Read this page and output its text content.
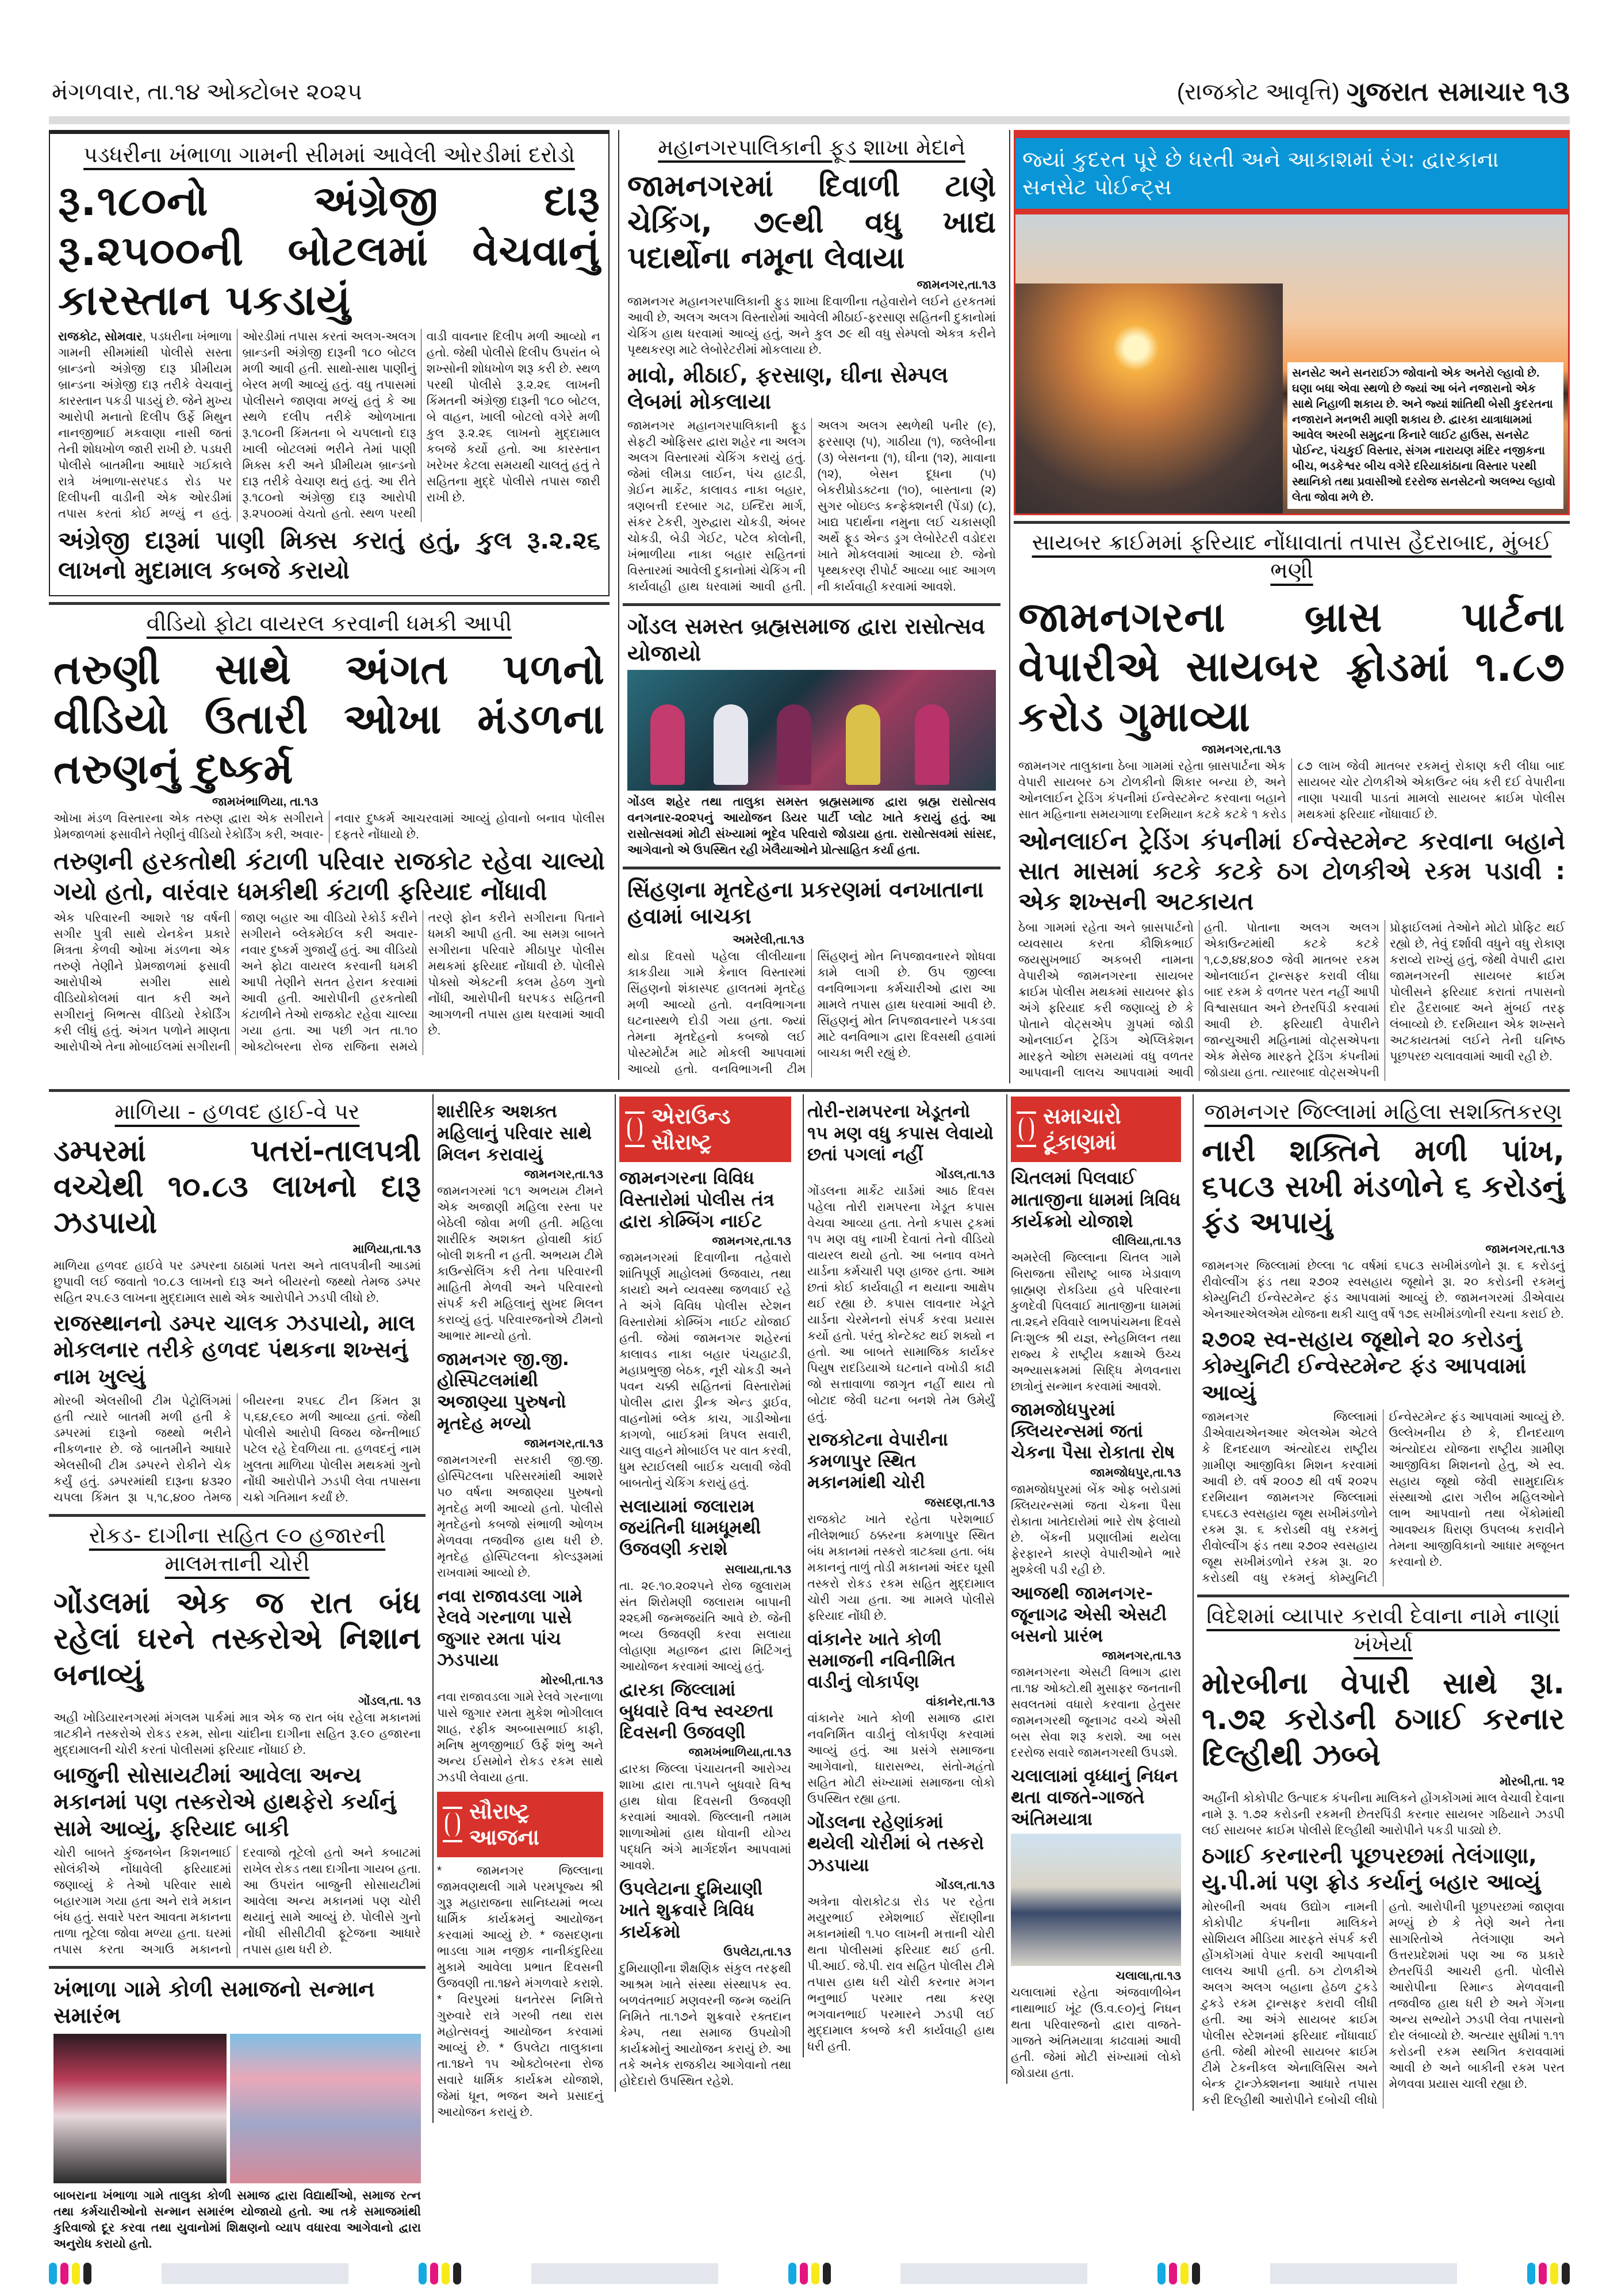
મંગળવાર, તા.૧૪ ઓક્ટોબર ૨૦૨૫	(રાજકોટ આવૃત્તિ) ગુજરાત સમાચાર ૧૩
પડધરીના ખંભાળા ગામની સીમમાં આવેલી ઓરડીમાં દરોડો
રૂ.૧૮૦નો અંગ્રેજી દારૂ રૂ.૨૫૦૦ની બોટલમાં વેચવાનું કારસ્તાન પકડાયું
રાજકોટ, સોમવાર, પડધરીના ખંભાળા ગામની સીમમાંથી પોલીસે સસ્તા બ્રાન્ડનો અંગ્રેજી દારૂ પ્રીમીયમ બ્રાન્ડના અંગ્રેજી દારૂ તરીકે વેચવાનું કારસ્તાન પકડી પાડયું છે. જેને મુખ્ય આરોપી મનાતો દિલીપ ઉર્ફે મિથુન નાનજીભાઈ મકવાણા નાસી જતાં તેની શોધખોળ જારી રાખી છે. પડધરી પોલીસે બાતમીના આધારે ગઈકાલે રાત્રે ખંભાળા-સરપદડ રોડ પર દિલીપની વાડીની એક ઓરડીમાં તપાસ કરતાં કોઈ મળ્યું ન હતું. ઓરડીમાં તપાસ કરતાં અલગ-અલગ બ્રાન્ડની અંગ્રેજી દારૂની ૧૮૦ બોટલ મળી આવી હતી. સાથો-સાથ પાણીનું બેરલ મળી આવ્યું હતું. વધુ તપાસમાં પોલીસને જાણવા મળ્યું હતું કે આ સ્થળે દલીપ તરીકે ઓળખાતા રૂ.૧૮૦ની કિંમતના બે ચપલાનો દારૂ ખાલી બોટલમાં ભરીને તેમાં પાણી મિક્સ કરી અને પ્રીમીયમ બ્રાન્ડનો દારૂ તરીકે વેચાણ થતું હતું. આ રીતે રૂ.૧૮૦નો અંગ્રેજી દારૂ આરોપી રૂ.૨૫૦૦માં વેચતો હતો. સ્થળ પરથી વાડી વાવનાર દિલીપ મળી આવ્યો ન હતો. જેથી પોલીસે દિલીપ ઉપરાંત બે શખ્સોની શોધખોળ શરૂ કરી છે. સ્થળ પરથી પોલીસે રૂ.૨.૨૬ લાખની કિંમતની અંગ્રેજી દારૂની ૧૮૦ બોટલ, બે વાહન, ખાલી બોટલો વગેરે મળી કુલ રૂ.૨.૨૬ લાખનો મુદ્દામાલ કબજે કર્યો હતો. આ કારસ્તાન ખરેખર કેટલા સમયથી ચાલતું હતું તે સહિતના મુદ્દે પોલીસે તપાસ જારી રાખી છે.
અંગ્રેજી દારૂમાં પાણી મિક્સ કરાતું હતું, કુલ રૂ.૨.૨૬ લાખનો મુદામાલ કબજે કરાયો
વીડિયો ફોટા વાયરલ કરવાની ધમકી આપી
તરુણી સાથે અંગત પળનો વીડિયો ઉતારી ઓખા મંડળના તરુણનું દુષ્કર્મ
જામખંભાળિયા, તા.૧૩
ઓખા મંડળ વિસ્તારના એક તરુણ દ્વારા એક સગીરાને પ્રેમજાળમાં ફસાવીને તેણીનું વીડિયો રેકોર્ડિંગ કરી, અવાર-નવાર દુષ્કર્મ આચરવામાં આવ્યું હોવાનો બનાવ પોલીસ દફતરે નોંધાયો છે.
તરુણની હરકતોથી કંટાળી પરિવાર રાજકોટ રહેવા ચાલ્યો ગયો હતો, વારંવાર ધમકીથી કંટાળી ફરિયાદ નોંધાવી
એક પરિવારની આશરે ૧૪ વર્ષની સગીર પુત્રી સાથે યેનકેન પ્રકારે મિત્રતા કેળવી ઓખા મંડળના એક તરુણે તેણીને પ્રેમજાળમાં ફસાવી આરોપીએ સગીરા સાથે વીડિયોકોલમાં વાત કરી અને સગીરાનું બિભત્સ વીડિયો રેકોર્ડિંગ કરી લીધું હતું. અંગત પળોને માણતા આરોપીએ તેના મોબાઈલમાં સગીરાની જાણ બહાર આ વીડિયો રેકોર્ડ કરીને સગીરાને બ્લેકમેઈલ કરી અવાર-નવાર દુષ્કર્મ ગુજાર્યું હતું. આ વીડિયો અને ફોટા વાયરલ કરવાની ધમકી આપી તેણીને સતત હેરાન કરવામાં આવી હતી. આરોપીની હરકતોથી કંટાળીને તેઓ રાજકોટ રહેવા ચાલ્યા ગયા હતા. આ પછી ગત તા.૧૦ ઓક્ટોબરના રોજ રાજિના સમયે તરણે ફોન કરીને સગીરાના પિતાને ધમકી આપી હતી. આ સમગ્ર બાબતે સગીરાના પરિવારે મીઠાપુર પોલીસ મથકમાં ફરિયાદ નોંધાવી છે. પોલીસે પોક્સો એક્ટની કલમ હેઠળ ગુનો નોંધી, આરોપીની ધરપકડ સહિતની આગળની તપાસ હાથ ધરવામાં આવી છે.
મહાનગરપાલિકાની ફૂડ શાખા મેદાને
જામનગરમાં દિવાળી ટાણે ચેકિંગ, ૭૯થી વધુ ખાદ્ય પદાર્થોના નમૂના લેવાયા
જામનગર,તા.૧૩
જામનગર મહાનગરપાલિકાની ફુડ શાખા દિવાળીના તહેવારોને લઈને હરકતમાં આવી છે, અલગ અલગ વિસ્તારોમાં આવેલી મીઠાઈ-ફરસાણ સહિતની દુકાનોમાં ચેકિંગ હાથ ધરવામાં આવ્યું હતું, અને કુલ ૭૯ થી વધુ સેમ્પલો એકત્ર કરીને પૃથ્થકરણ માટે લેબોરેટરીમાં મોકલાયા છે.
માવો, મીઠાઈ, ફરસાણ, ઘીના સેમ્પલ લેબમાં મોકલાયા
જામનગર મહાનગરપાલિકાની ફૂડ સેફટી ઓફિસર દ્વારા શહેર ના અલગ અલગ વિસ્તારમાં ચેકિંગ કરાયું હતું. જેમાં લીમડા લાઈન, પંચ હાટડી, ગ્રેઈન માર્કેટ, કાલાવડ નાકા બહાર, ત્રણબત્તી દરબાર ગઢ, ઇન્દિરા માર્ગ, સંકર ટેકરી, ગુરુદ્વારા ચોકડી, અંબર ચોકડી, બેડી ગેઈટ, પટેલ કોલોની, ખંભાળીયા નાકા બહાર સહિતનાં વિસ્તારમાં આવેલી દુકાનોમાં ચેકિંગ ની કાર્યવાહી હાથ ધરવામાં આવી હતી. અલગ અલગ સ્થળેથી પનીર (૯), ફરસાણ (૫), ગાઠીયા (૧), જલેબીના (૩) બેસનના (૧), ઘીના (૧૨), માવાના (૧૨), બેસન દૂધના (૫) બેકરીપ્રોડક્ટના (૧૦), બાસ્તાના (૨) સુગર બોઇલ્ડ કન્ફેક્શનરી (પેંડા) (૮), ખાદ્ય પદાર્થના નમુના લઈ ચકાસણી અર્થે ફૂડ એન્ડ ડ્રગ લેબોરેટરી વડોદરા ખાતે મોકલવામાં આવ્યા છે. જેનો પૃથ્થકરણ રીપોર્ટ આવ્યા બાદ આગળ ની કાર્યવાહી કરવામાં આવશે.
ગોંડલ સમસ્ત બ્રહ્મસમાજ દ્વારા રાસોત્સવ યોજાયો
ગોંડલ શહેર તથા તાલુકા સમસ્ત બ્રહ્મસમાજ દ્વારા બ્રહ્મ રાસોત્સવ વનગનાર-૨૦૨૫નું આયોજન ડિયર પાર્ટી પ્લોટ ખાતે કરાયું હતું. આ રાસોત્સવમાં મોટી સંખ્યામાં ભૂદેવ પરિવારો જોડાયા હતા. રાસોત્સવમાં સાંસદ, આગેવાનો એ ઉપસ્થિત રહી ખેલૈયાઓને પ્રોત્સાહિત કર્યા હતા.
સિંહણના મૃતદેહના પ્રકરણમાં વનખાતાના હવામાં બાચકા
અમરેલી,તા.૧૩
થોડા દિવસો પહેલા લીલીયાના કાકડીયા ગામે કેનાલ વિસ્તારમાં સિંહણનો શંકાસ્પદ હાલતમાં મૃતદેહ મળી આવ્યો હતો. વનવિભાગના ઘટનાસ્થળે દોડી ગયા હતા. જ્યાં તેમના મૃતદેહનો કબજો લઈ પોસ્ટમોર્ટમ માટે મોકલી આપવામાં આવ્યો હતો. વનવિભાગની ટીમ સિંહણનું મોત નિપજાવનારને શોધવા કામે લાગી છે. ઉપ જીલ્લા વનવિભાગના કર્મચારીઓ દ્વારા આ મામલે તપાસ હાથ ધરવામાં આવી છે. સિંહણનું મોત નિપજાવનારને પકડવા માટે વનવિભાગ દ્વારા દિવસથી હવામાં બાચકા ભરી રહ્યું છે.
જ્યાં કુદરત પૂરે છે ધરતી અને આકાશમાં રંગ: દ્વારકાના સનસેટ પોઈન્ટ્સ
સનસેટ અને સનરાઈઝ જોવાનો એક અનેરો લ્હાવો છે. ઘણા બધા એવા સ્થળો છે જ્યાં આ બંને નજારાનો એક સાથે નિહાળી શકાય છે. અને જ્યાં શાંતિથી બેસી કુદરતના નજારાને મનભરી માણી શકાય છે. દ્વારકા યાત્રાધામમાં આવેલ અરબી સમુદ્રના કિનારે લાઈટ હાઉસ, સનસેટ પોઈન્ટ, પંચકુઈ વિસ્તાર, સંગમ નારાયણ મંદિર નજીકના બીચ, ભડકેશ્વર બીચ વગેરે દરિયાકાંઠાના વિસ્તાર પરથી સ્થાનિકો તથા પ્રવાસીઓ દરરોજ સનસેટનો અલભ્ય લ્હાવો લેતા જોવા મળે છે.
સાયબર ક્રાઈમમાં ફરિયાદ નોંધાવાતાં તપાસ હૈદરાબાદ, મુંબઈ ભણી
જામનગરના બ્રાસ પાર્ટના વેપારીએ સાયબર ફ્રોડમાં ૧.૮૭ કરોડ ગુમાવ્યા
જામનગર,તા.૧૩
જામનગર તાલુકાના ઠેબા ગામમાં રહેતા બ્રાસપાર્ટના એક વેપારી સાયબર ઠગ ટોળકીનો શિકાર બન્યા છે, અને ઓનલાઈન ટ્રેડિંગ કંપનીમાં ઈન્વેસ્ટમેન્ટ કરવાના બહાને સાત મહિનાના સમયગાળા દરમિયાન કટકે કટકે ૧ કરોડ ૮૭ લાખ જેવી માતબર રકમનું રોકાણ કરી લીધા બાદ સાયબર ચોર ટોળકીએ એકાઉન્ટ બંધ કરી દઈ વેપારીના નાણા પચાવી પાડતાં મામલો સાયબર ક્રાઈમ પોલીસ મથકમાં ફરિયાદ નોંધાવાઈ છે.
ઓનલાઈન ટ્રેડિંગ કંપનીમાં ઈન્વેસ્ટમેન્ટ કરવાના બહાને સાત માસમાં કટકે કટકે ઠગ ટોળકીએ રકમ પડાવી : એક શખ્સની અટકાયત
ઠેબા ગામમાં રહેતા અને બ્રાસપાર્ટનો વ્યવસાય કરતા કૌશિકભાઈ જયસુખભાઈ અકબરી નામના વેપારીએ જામનગરના સાયબર ક્રાઈમ પોલીસ મથકમાં સાયબર ફ્રોડ અંગે ફરિયાદ કરી જણાવ્યું છે કે પોતાને વોટ્સએપ ગ્રુપમાં જોડી ઓનલાઈન ટ્રેડિંગ એપ્લિકેશન મારફતે ઓછા સમયમાં વધુ વળતર આપવાની લાલચ આપવામાં આવી હતી. પોતાના અલગ અલગ એકાઉન્ટમાંથી કટકે કટકે ૧,૮૭,૪૪,૪૦૭ જેવી માતબર રકમ ઓનલાઈન ટ્રાન્સફર કરાવી લીધા બાદ રકમ કે વળતર પરત નહીં આપી વિશ્વાસઘાત અને છેતરપિંડી કરવામાં આવી છે. ફરિયાદી વેપારીને જાન્યુઆરી મહિનામાં વોટ્સએપના એક મેસેજ મારફતે ટ્રેડિંગ કંપનીમાં જોડાયા હતા. ત્યારબાદ વોટ્સએપની પ્રોફાઈલમાં તેઓને મોટો પ્રોફિટ થઈ રહ્યો છે, તેવું દર્શાવી વધુને વધુ રોકાણ કરાવ્યે રાખ્યું હતું, જેથી વેપારી દ્વારા જામનગરની સાયબર ક્રાઈમ પોલીસને ફરિયાદ કરાતાં તપાસનો દોર હૈદરાબાદ અને મુંબઈ તરફ લંબાવ્યો છે. દરમિયાન એક શખ્સને અટકાયતમાં લઈને તેની ઘનિષ્ઠ પૂછપરછ ચલાવવામાં આવી રહી છે.
માળિયા - હળવદ હાઈ-વે પર
ડમ્પરમાં પતરાં-તાલપત્રી વચ્ચેથી ૧૦.૮૩ લાખનો દારૂ ઝડપાયો
માળિયા,તા.૧૩
માળિયા હળવદ હાઈવે પર ડમ્પરના ઠાઠામાં પતરા અને તાલપત્રીની આડમાં છુપાવી લઈ જવાતો ૧૦.૮૩ લાખનો દારૂ અને બીયરનો જથ્થો તેમજ ડમ્પર સહિત ૨૫.૯૩ લાખના મુદ્દામાલ સાથે એક આરોપીને ઝડપી લીધો છે.
રાજસ્થાનનો ડમ્પર ચાલક ઝડપાયો, માલ મોકલનાર તરીકે હળવદ પંથકના શખ્સનું નામ ખુલ્યું
મોરબી એલસીબી ટીમ પેટ્રોલિંગમાં હતી ત્યારે બાતમી મળી હતી કે ડમ્પરમાં દારૂનો જથ્થો ભરીને નીકળનાર છે. જે બાતમીને આધારે એલસીબી ટીમ ડમ્પરને રોકીને ચેક કર્યું હતું. ડમ્પરમાંથી દારૂના ૪૩૨૦ ચપલા કિંમત રૂા ૫,૧૮,૪૦૦ તેમજ બીયરના ૨૫૬૮ ટીન કિંમત રૂા ૫,૬૪,૯૬૦ મળી આવ્યા હતાં. જેથી પોલીસે આરોપી વિજય જેન્તીભાઈ પટેલ રહે દેવળિયા તા. હળવદનું નામ ખુલતા માળિયા પોલીસ મથકમાં ગુનો નોંધી આરોપીને ઝડપી લેવા તપાસના ચક્રો ગતિમાન કર્યાં છે.
રોકડ- દાગીના સહિત ૯૦ હજારની માલમત્તાની ચોરી
ગોંડલમાં એક જ રાત બંધ રહેલાં ઘરને તસ્કરોએ નિશાન બનાવ્યું
ગોંડલ,તા. ૧૩
અહી ખોડિયારનગરમાં મંગલમ પાર્કમાં માત્ર એક જ રાત બંધ રહેલા મકાનમાં ત્રાટકીને તસ્કરોએ રોકડ રકમ, સોના ચાંદીના દાગીના સહિત રૂ.૯૦ હજારના મુદ્દામાલની ચોરી કરતાં પોલીસમાં ફરિયાદ નોંધાઈ છે.
બાજુની સોસાયટીમાં આવેલા અન્ય મકાનમાં પણ તસ્કરોએ હાથફેરો કર્યાનું સામે આવ્યું, ફરિયાદ બાકી
ચોરી બાબતે કુંજનબેન કિશનભાઈ સોલંકીએ નોંધાવેલી ફરિયાદમાં જણાવ્યું કે તેઓ પરિવાર સાથે બહારગામ ગયા હતા અને રાત્રે મકાન બંધ હતું. સવારે પરત આવતા મકાનના તાળા તૂટેલા જોવા મળ્યા હતા. ઘરમાં તપાસ કરતા અગાઉ મકાનનો દરવાજો તૂટેલો હતો અને કબાટમાં રાખેલ રોકડ તથા દાગીના ગાયબ હતા. આ ઉપરાંત બાજુની સોસાયટીમાં આવેલા અન્ય મકાનમાં પણ ચોરી થયાનું સામે આવ્યું છે. પોલીસે ગુનો નોંધી સીસીટીવી ફૂટેજના આધારે તપાસ હાથ ધરી છે.
ખંભાળા ગામે કોળી સમાજનો સન્માન સમારંભ
બાબરાના ખંભાળા ગામે તાલુકા કોળી સમાજ દ્વારા વિદ્યાર્થીઓ, સમાજ રત્ન તથા કર્મચારીઓનો સન્માન સમારંભ યોજાયો હતો. આ તકે સમાજમાંથી કુરિવાજો દૂર કરવા તથા યુવાનોમાં શિક્ષણનો વ્યાપ વધારવા આગેવાનો દ્વારા અનુરોધ કરાયો હતો.
શારીરિક અશક્ત મહિલાનું પરિવાર સાથે મિલન કરાવાયું
જામનગર,તા.૧૩
જામનગરમાં ૧૮૧ અભયમ ટીમને એક અજાણી મહિલા રસ્તા પર બેઠેલી જોવા મળી હતી. મહિલા શારીરિક અશક્ત હોવાથી કાંઈ બોલી શકતી ન હતી. અભયમ ટીમે કાઉન્સેલિંગ કરી તેના પરિવારની માહિતી મેળવી અને પરિવારનો સંપર્ક કરી મહિલાનું સુખદ મિલન કરાવ્યું હતું. પરિવારજનોએ ટીમનો આભાર માન્યો હતો.
જામનગર જી.જી. હોસ્પિટલમાંથી અજાણ્યા પુરુષનો મૃતદેહ મળ્યો
જામનગર,તા.૧૩
જામનગરની સરકારી જી.જી. હોસ્પિટલના પરિસરમાંથી આશરે ૫૦ વર્ષના અજાણ્યા પુરુષનો મૃતદેહ મળી આવ્યો હતો. પોલીસે મૃતદેહનો કબજો સંભાળી ઓળખ મેળવવા તજવીજ હાથ ધરી છે. મૃતદેહ હોસ્પિટલના કોલ્ડરૂમમાં રાખવામાં આવ્યો છે.
નવા રાજાવડલા ગામે રેલવે ગરનાળા પાસે જુગાર રમતા પાંચ ઝડપાયા
મોરબી,તા.૧૩
નવા રાજાવડલા ગામે રેલવે ગરનાળા પાસે જુગાર રમતા મુકેશ ભોગીલાલ શાહ, રફીક અબ્બાસભાઈ કાફી, મનિષ મુળજીભાઈ ઉર્ફે શંભુ અને અન્ય ઈસમોને રોકડ રકમ સાથે ઝડપી લેવાયા હતા.
સૌરાષ્ટ્ર આજના
* જામનગર જિલ્લાના જામવણથલી ગામે પરમપૂજ્ય શ્રી ગુરૂ મહારાજના સાનિધ્યમાં ભવ્ય ધાર્મિક કાર્યક્રમનું આયોજન કરવામાં આવ્યું છે. * જસદણના ભાડલા ગામ નજીક નાનીકંદુરિયા મુકામે આવેલા પ્રભાત દિવસની ઉજવણી તા.૧૪ને મંગળવારે કરાશે. * વિરપુરમાં ધનતેરસ નિમિત્તે ગુરુવારે રાત્રે ગરબી તથા રાસ મહોત્સવનું આયોજન કરવામાં આવ્યું છે. * ઉપલેટા તાલુકાના તા.૧૪ને ૧૫ ઓક્ટોબરના રોજ સવારે ધાર્મિક કાર્યક્રમ યોજાશે, જેમાં ધૂન, ભજન અને પ્રસાદનું આયોજન કરાયું છે.
એરાઉન્ડ સૌરાષ્ટ્ર
જામનગરના વિવિધ વિસ્તારોમાં પોલીસ તંત્ર દ્વારા કોમ્બિંગ નાઈટ
જામનગર,તા.૧૩
જામનગરમાં દિવાળીના તહેવારો શાંતિપૂર્ણ માહોલમાં ઉજવાય, તથા કાયદો અને વ્યવસ્થા જળવાઈ રહે તે અંગે વિવિધ પોલીસ સ્ટેશન વિસ્તારોમાં કોમ્બિંગ નાઈટ યોજાઈ હતી. જેમાં જામનગર શહેરનાં કાલાવડ નાકા બહાર પંચહાટડી, મહાપ્રભુજી બેઠક, નૂરી ચોકડી અને પવન ચક્કી સહિતનાં વિસ્તારોમાં પોલીસ દ્વારા ડ્રીન્ક એન્ડ ડ્રાઈવ, વાહનોમાં બ્લેક કાચ, ગાડીઓના કાગળો, બાઈકમાં ત્રિપલ સવારી, ચાલુ વાહને મોબાઈલ પર વાત કરવી, ધુમ સ્ટાઈલથી બાઈક ચલાવી જેવી બાબતોનું ચેકિંગ કરાયું હતું.
સલાયામાં જલારામ જયંતિની ધામધૂમથી ઉજવણી કરાશે
સલાયા,તા.૧૩
તા. ૨૯.૧૦.૨૦૨૫ને રોજ જુલારામ સંત શિરોમણી જલારામ બાપાની ૨૨૬મી જન્મજયંતિ આવે છે. જેની ભવ્ય ઉજવણી કરવા સલાયા લોહાણા મહાજન દ્વારા મિટિંગનું આયોજન કરવામાં આવ્યું હતું.
દ્વારકા જિલ્લામાં બુધવારે વિશ્વ સ્વચ્છતા દિવસની ઉજવણી
જામખંભાળિયા,તા.૧૩
દ્વારકા જિલ્લા પંચાયતની આરોગ્ય શાખા દ્વારા તા.૧૫ને બુધવારે વિશ્વ હાથ ધોવા દિવસની ઉજવણી કરવામાં આવશે. જિલ્લાની તમામ શાળાઓમાં હાથ ધોવાની યોગ્ય પદ્ધતિ અંગે માર્ગદર્શન આપવામાં આવશે.
ઉપલેટાના દુમિયાણી ખાતે શુક્રવારે ત્રિવિધ કાર્યક્રમો
ઉપલેટા,તા.૧૩
દુમિયાણીના શૈક્ષણિક સંકુલ તરફથી આશ્રમ ખાતે સંસ્થા સંસ્થાપક સ્વ. બળવંતભાઈ મણવરની જન્મ જયંતિ નિમિતે તા.૧૭ને શુક્રવારે રક્તદાન કેમ્પ, તથા સમાજ ઉપયોગી કાર્યક્રમોનું આયોજન કરાયું છે. આ તકે અનેક રાજકીય આગેવાનો તથા હોદેદારો ઉપસ્થિત રહેશે.
તોરી-રામપરના ખેડૂતનો ૧૫ મણ વધુ કપાસ લેવાયો છતાં પગલાં નહીં
ગોંડલ,તા.૧૩
ગોંડલના માર્કેટ યાર્ડમાં આઠ દિવસ પહેલા તોરી રામપરના ખેડૂત કપાસ વેચવા આવ્યા હતા. તેનો કપાસ ટ્રકમાં ૧૫ મણ વધુ નાખી દેવાતાં તેનો વીડિયો વાયરલ થયો હતો. આ બનાવ વખતે યાર્ડના કર્મચારી પણ હાજર હતા. આમ છતાં કોઈ કાર્યવાહી ન થયાના આક્ષેપ થઈ રહ્યા છે. કપાસ લાવનાર ખેડૂતે યાર્ડના ચેરમેનનો સંપર્ક કરવા પ્રયાસ કર્યો હતો. પરંતુ કોન્ટેક્ટ થઈ શક્યો ન હતો. આ બાબતે સામાજિક કાર્યકર પિયુષ રાદડિયાએ ઘટનાને વખોડી કાઢી જો સત્તાવાળા જાગૃત નહીં થાય તો બોટાદ જેવી ઘટના બનશે તેમ ઉમેર્યું હતું.
રાજકોટના વેપારીના કમળાપુર સ્થિત મકાનમાંથી ચોરી
જસદણ,તા.૧૩
રાજકોટ ખાતે રહેતા પરેશભાઈ નીલેશભાઈ ઠક્કરના કમળાપુર સ્થિત બંધ મકાનમાં તસ્કરો ત્રાટક્યા હતા. બંધ મકાનનું તાળું તોડી મકાનમાં અંદર ઘૂસી તસ્કરો રોકડ રકમ સહિત મુદ્દામાલ ચોરી ગયા હતા. આ મામલે પોલીસે ફરિયાદ નોંધી છે.
વાંકાનેર ખાતે કોળી સમાજની નવિનીમિત વાડીનું લોકાર્પણ
વાંકાનેર,તા.૧૩
વાંકાનેર ખાતે કોળી સમાજ દ્વારા નવનિર્મિત વાડીનું લોકાર્પણ કરવામાં આવ્યું હતું. આ પ્રસંગે સમાજના આગેવાનો, ધારાસભ્ય, સંતો-મહંતો સહિત મોટી સંખ્યામાં સમાજના લોકો ઉપસ્થિત રહ્યા હતા.
ગોંડલના રહેણાંકમાં થયેલી ચોરીમાં બે તસ્કરો ઝડપાયા
ગોંડલ,તા.૧૩
અત્રેના વોરાકોટડા રોડ પર રહેતા મયુરભાઈ રમેશભાઈ સેંદાણીના મકાનમાંથી ૧.૫૦ લાખની મત્તાની ચોરી થતા પોલીસમાં ફરિયાદ થઈ હતી. પી.આઈ. જે.પી. રાવ સહિત પોલીસ ટીમે તપાસ હાથ ધરી ચોરી કરનાર મગન ભનુભાઈ પરમાર તથા કરણ ભગવાનભાઈ પરમારને ઝડપી લઈ મુદ્દામાલ કબજે કરી કાર્યવાહી હાથ ધરી હતી.
સમાચારો ટૂંકાણમાં
ચિતલમાં પિલવાઈ માતાજીના ધામમાં ત્રિવિધ કાર્યક્રમો યોજાશે
લીલિયા,તા.૧૩
અમરેલી જિલ્લાના ચિતલ ગામે બિરાજતા સૌરાષ્ટ્ર બાજ ખેડાવાળ બ્રાહ્મણ રોકડિયા હવે પરિવારના કુળદેવી પિલવાઈ માતાજીના ધામમાં તા.૨૬ને રવિવારે લાભપાંચમના દિવસે નિઃશુલ્ક શ્રી યજ્ઞ, સ્નેહમિલન તથા રાજ્ય કે રાષ્ટ્રીય કક્ષાએ ઉચ્ચ અભ્યાસક્રમમાં સિદ્ધિ મેળવનારા છાત્રોનું સન્માન કરવામાં આવશે.
જામજોધપુરમાં ક્લિયરન્સમાં જતાં ચેકના પૈસા રોકાતા રોષ
જામજોધપુર,તા.૧૩
જામજોધપુરમાં બેંક ઓફ બરોડામાં ક્લિયરન્સમાં જતા ચેકના પૈસા રોકાતા ખાતેદારોમાં ભારે રોષ ફેલાયો છે. બેંકની પ્રણાલીમાં થયેલા ફેરફારને કારણે વેપારીઓને ભારે મુશ્કેલી પડી રહી છે.
આજથી જામનગર-જૂનાગઢ એસી એસટી બસનો પ્રારંભ
જામનગર,તા.૧૩
જામનગરના એસટી વિભાગ દ્વારા તા.૧૪ ઓક્ટો.થી મુસાફર જનતાની સવલતમાં વધારો કરવાના હેતુસર જામનગરથી જૂનાગઢ વચ્ચે એસી બસ સેવા શરૂ કરાશે. આ બસ દરરોજ સવારે જામનગરથી ઉપડશે.
ચલાલામાં વૃધ્ધાનું નિધન થતા વાજતે-ગાજતે અંતિમયાત્રા
ચલાલા,તા.૧૩
ચલાલામાં રહેતા અંજવાળીબેન નાથાભાઈ ખૂંટ (ઉ.વ.૯૦)નું નિધન થતા પરિવારજનો દ્વારા વાજતે-ગાજતે અંતિમયાત્રા કાઢવામાં આવી હતી. જેમાં મોટી સંખ્યામાં લોકો જોડાયા હતા.
જામનગર જિલ્લામાં મહિલા સશક્તિકરણ
નારી શક્તિને મળી પાંખ, ૬૫૮૩ સખી મંડળોને ૬ કરોડનું ફંડ અપાયું
જામનગર,તા.૧૩
જામનગર જિલ્લામાં છેલ્લા ૧૮ વર્ષમાં ૬૫૮૩ સખીમંડળોને રૂા. ૬ કરોડનું રીવોલ્વીંગ ફંડ તથા ૨૭૦૨ સ્વસહાય જૂથોને રૂા. ૨૦ કરોડની રકમનું કોમ્યુનિટી ઈન્વેસ્ટમેન્ટ ફંડ આપવામાં આવ્યું છે. જામનગરમાં ડીએવાય એનઆરએલએમ યોજના થકી ચાલુ વર્ષે ૧૭૬ સખીમંડળોની રચના કરાઈ છે.
૨૭૦૨ સ્વ-સહાય જૂથોને ૨૦ કરોડનું કોમ્યુનિટી ઈન્વેસ્ટમેન્ટ ફંડ આપવામાં આવ્યું
જામનગર જિલ્લામાં ડીએવાયએનઆર એલએમ એટલે કે દિનદયાળ અંત્યોદય રાષ્ટ્રીય ગ્રામીણ આજીવિકા મિશન કરવામાં આવી છે. વર્ષ ૨૦૦૭ થી વર્ષ ૨૦૨૫ દરમિયાન જામનગર જિલ્લામાં ૬૫૬૮૩ સ્વસહાય જૂથ સખીમંડળોને રકમ રૂા. ૬ કરોડથી વધુ રકમનું રીવોલ્વીંગ ફંડ તથા ૨૭૦૨ સ્વસહાય જૂથ સખીમંડળોને રકમ રૂા. ૨૦ કરોડથી વધુ રકમનું કોમ્યુનિટી ઈન્વેસ્ટમેન્ટ ફંડ આપવામાં આવ્યું છે. ઉલ્લેખનીય છે કે, દીનદયાળ અંત્યોદય યોજના રાષ્ટ્રીય ગ્રામીણ આજીવિકા મિશનનો હેતુ, એ સ્વ. સહાય જૂથો જેવી સામુદાયિક સંસ્થાઓ દ્વારા ગરીબ મહિલઓને લાભ આપવાનો તથા બેંકોમાંથી આવશ્યક ધિરાણ ઉપલબ્ધ કરાવીને તેમના આજીવિકાનો આધાર મજૂબત કરવાનો છે.
વિદેશમાં વ્યાપાર કરાવી દેવાના નામે નાણાં ખંખેર્યા
મોરબીના વેપારી સાથે રૂા. ૧.૭૨ કરોડની ઠગાઈ કરનાર દિલ્હીથી ઝબ્બે
મોરબી,તા. ૧૨
અહીંની કોકોપીટ ઉત્પાદક કંપનીના માલિકને હોંગકોંગમાં માલ વેચાવી દેવાના નામે રૂ. ૧.૭૨ કરોડની રકમની છેતરપિંડી કરનાર સાયબર ગઠિયાને ઝડપી લઈ સાયબર ક્રાઈમ પોલીસે દિલ્હીથી આરોપીને પકડી પાડ્યો છે.
ઠગાઈ કરનારની પૂછપરછમાં તેલંગાણા, યુ.પી.માં પણ ફ્રોડ કર્યાનું બહાર આવ્યું
મોરબીની અવધ ઉદ્યોગ નામની કોકોપીટ કંપનીના માલિકને સોશિયલ મીડિયા મારફતે સંપર્ક કરી હોંગકોંગમાં વેપાર કરાવી આપવાની લાલચ આપી હતી. ઠગ ટોળકીએ અલગ અલગ બહાના હેઠળ ટુકડે ટુકડે રકમ ટ્રાન્સફર કરાવી લીધી હતી. આ અંગે સાયબર ક્રાઈમ પોલીસ સ્ટેશનમાં ફરિયાદ નોંધાવાઈ હતી. જેથી મોરબી સાયબર ક્રાઈમ ટીમે ટેકનીકલ એનાલિસિસ અને બેન્ક ટ્રાન્ઝેક્શનના આધારે તપાસ કરી દિલ્હીથી આરોપીને દબોચી લીધો હતો. આરોપીની પૂછપરછમાં જાણવા મળ્યું છે કે તેણે અને તેના સાગરિતોએ તેલંગાણા અને ઉત્તરપ્રદેશમાં પણ આ જ પ્રકારે છેતરપિંડી આચરી હતી. પોલીસે આરોપીના રિમાન્ડ મેળવવાની તજવીજ હાથ ધરી છે અને ગેંગના અન્ય સભ્યોને ઝડપી લેવા તપાસનો દોર લંબાવ્યો છે. અત્યાર સુધીમાં ૧.૧૧ કરોડની રકમ સ્થગિત કરાવવામાં આવી છે અને બાકીની રકમ પરત મેળવવા પ્રયાસ ચાલી રહ્યા છે.
